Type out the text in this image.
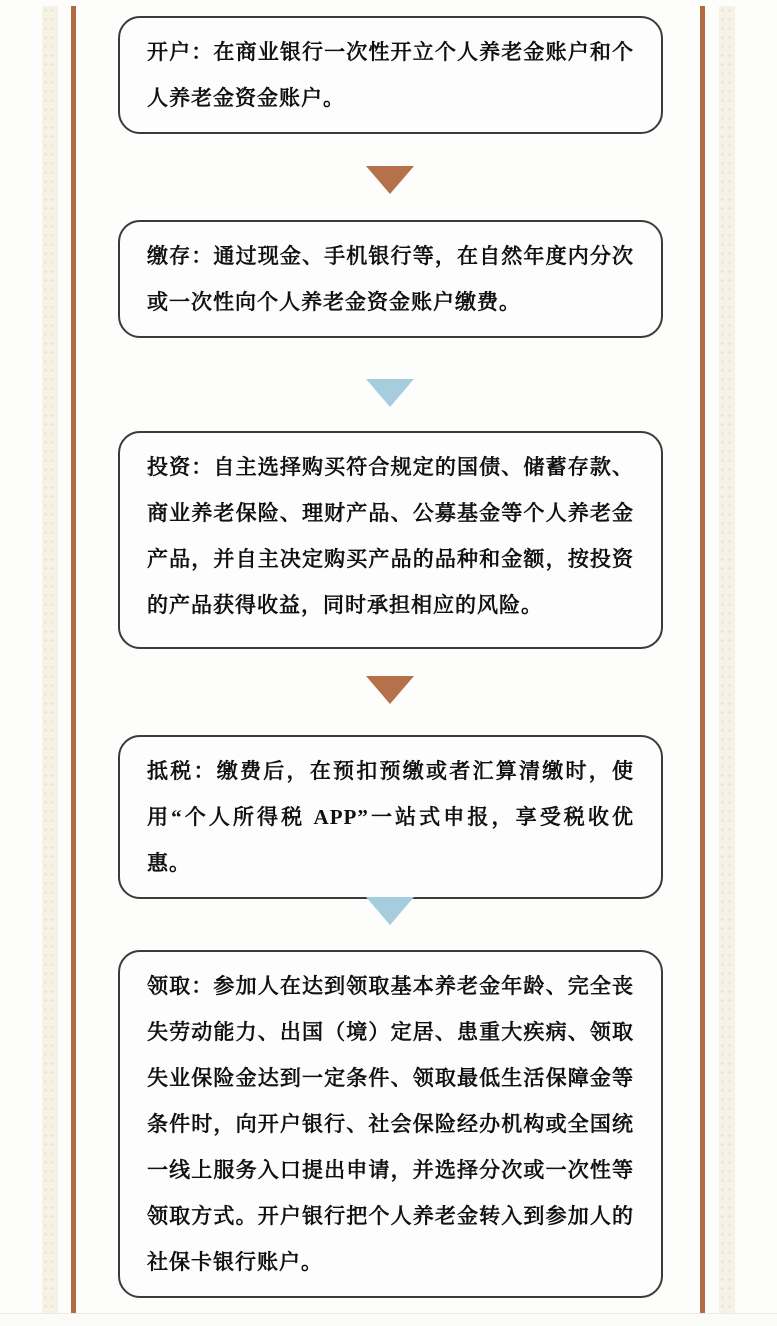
开户：在商业银行一次性开立个人养老金账户和个人养老金资金账户。
缴存：通过现金、手机银行等，在自然年度内分次或一次性向个人养老金资金账户缴费。
投资：自主选择购买符合规定的国债、储蓄存款、商业养老保险、理财产品、公募基金等个人养老金产品，并自主决定购买产品的品种和金额，按投资的产品获得收益，同时承担相应的风险。
抵税：缴费后，在预扣预缴或者汇算清缴时，使用“个人所得税 APP”一站式申报，享受税收优惠。
领取：参加人在达到领取基本养老金年龄、完全丧失劳动能力、出国（境）定居、患重大疾病、领取失业保险金达到一定条件、领取最低生活保障金等条件时，向开户银行、社会保险经办机构或全国统一线上服务入口提出申请，并选择分次或一次性等领取方式。开户银行把个人养老金转入到参加人的社保卡银行账户。
